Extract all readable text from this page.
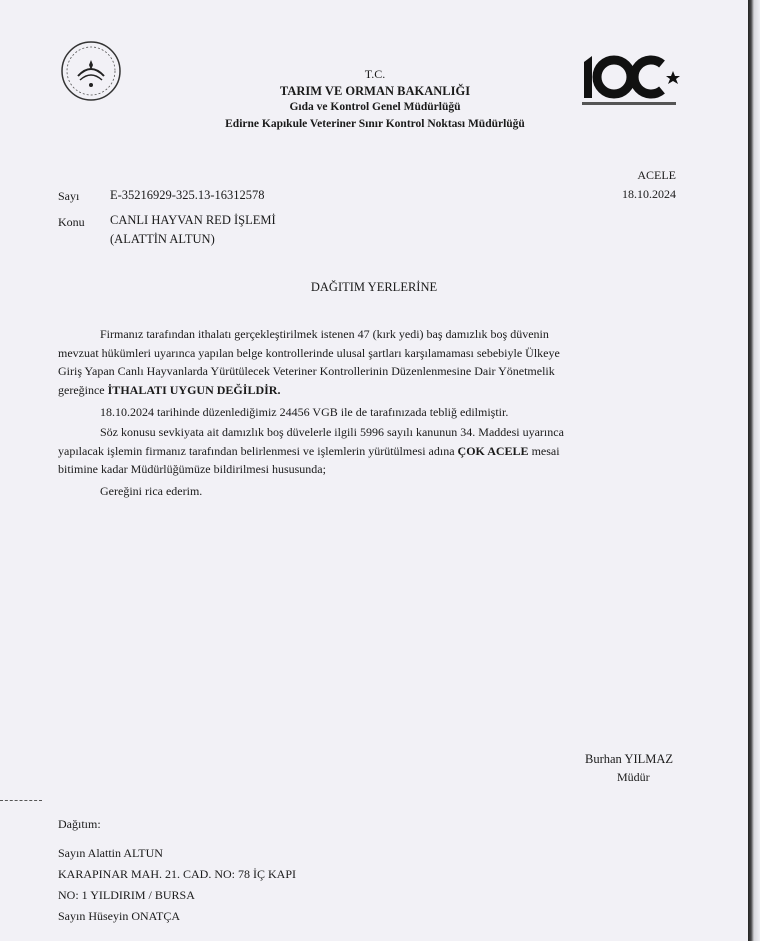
T.C.
TARIM VE ORMAN BAKANLIĞI
Gıda ve Kontrol Genel Müdürlüğü
Edirne Kapıkule Veteriner Sınır Kontrol Noktası Müdürlüğü
ACELE
18.10.2024
Sayı E-35216929-325.13-16312578
Konu CANLI HAYVAN RED İŞLEMİ
(ALATTİN ALTUN)
DAĞITIM YERLERİNE
Firmanız tarafından ithalatı gerçekleştirilmek istenen 47 (kırk yedi) baş damızlık boş düvenin
mevzuat hükümleri uyarınca yapılan belge kontrollerinde ulusal şartları karşılamaması sebebiyle Ülkeye
Giriş Yapan Canlı Hayvanlarda Yürütülecek Veteriner Kontrollerinin Düzenlenmesine Dair Yönetmelik
gereğince İTHALATI UYGUN DEĞİLDİR.
18.10.2024 tarihinde düzenlediğimiz 24456 VGB ile de tarafınızada tebliğ edilmiştir.
Söz konusu sevkiyata ait damızlık boş düvelerle ilgili 5996 sayılı kanunun 34. Maddesi uyarınca
yapılacak işlemin firmanız tarafından belirlenmesi ve işlemlerin yürütülmesi adına ÇOK ACELE mesai
bitimine kadar Müdürlüğümüze bildirilmesi hususunda;
Gereğini rica ederim.
Burhan YILMAZ
Müdür
Dağıtım:
Sayın Alattin ALTUN
KARAPINAR MAH. 21. CAD. NO: 78 İÇ KAPI
NO: 1 YILDIRIM / BURSA
Sayın Hüseyin ONATÇA
